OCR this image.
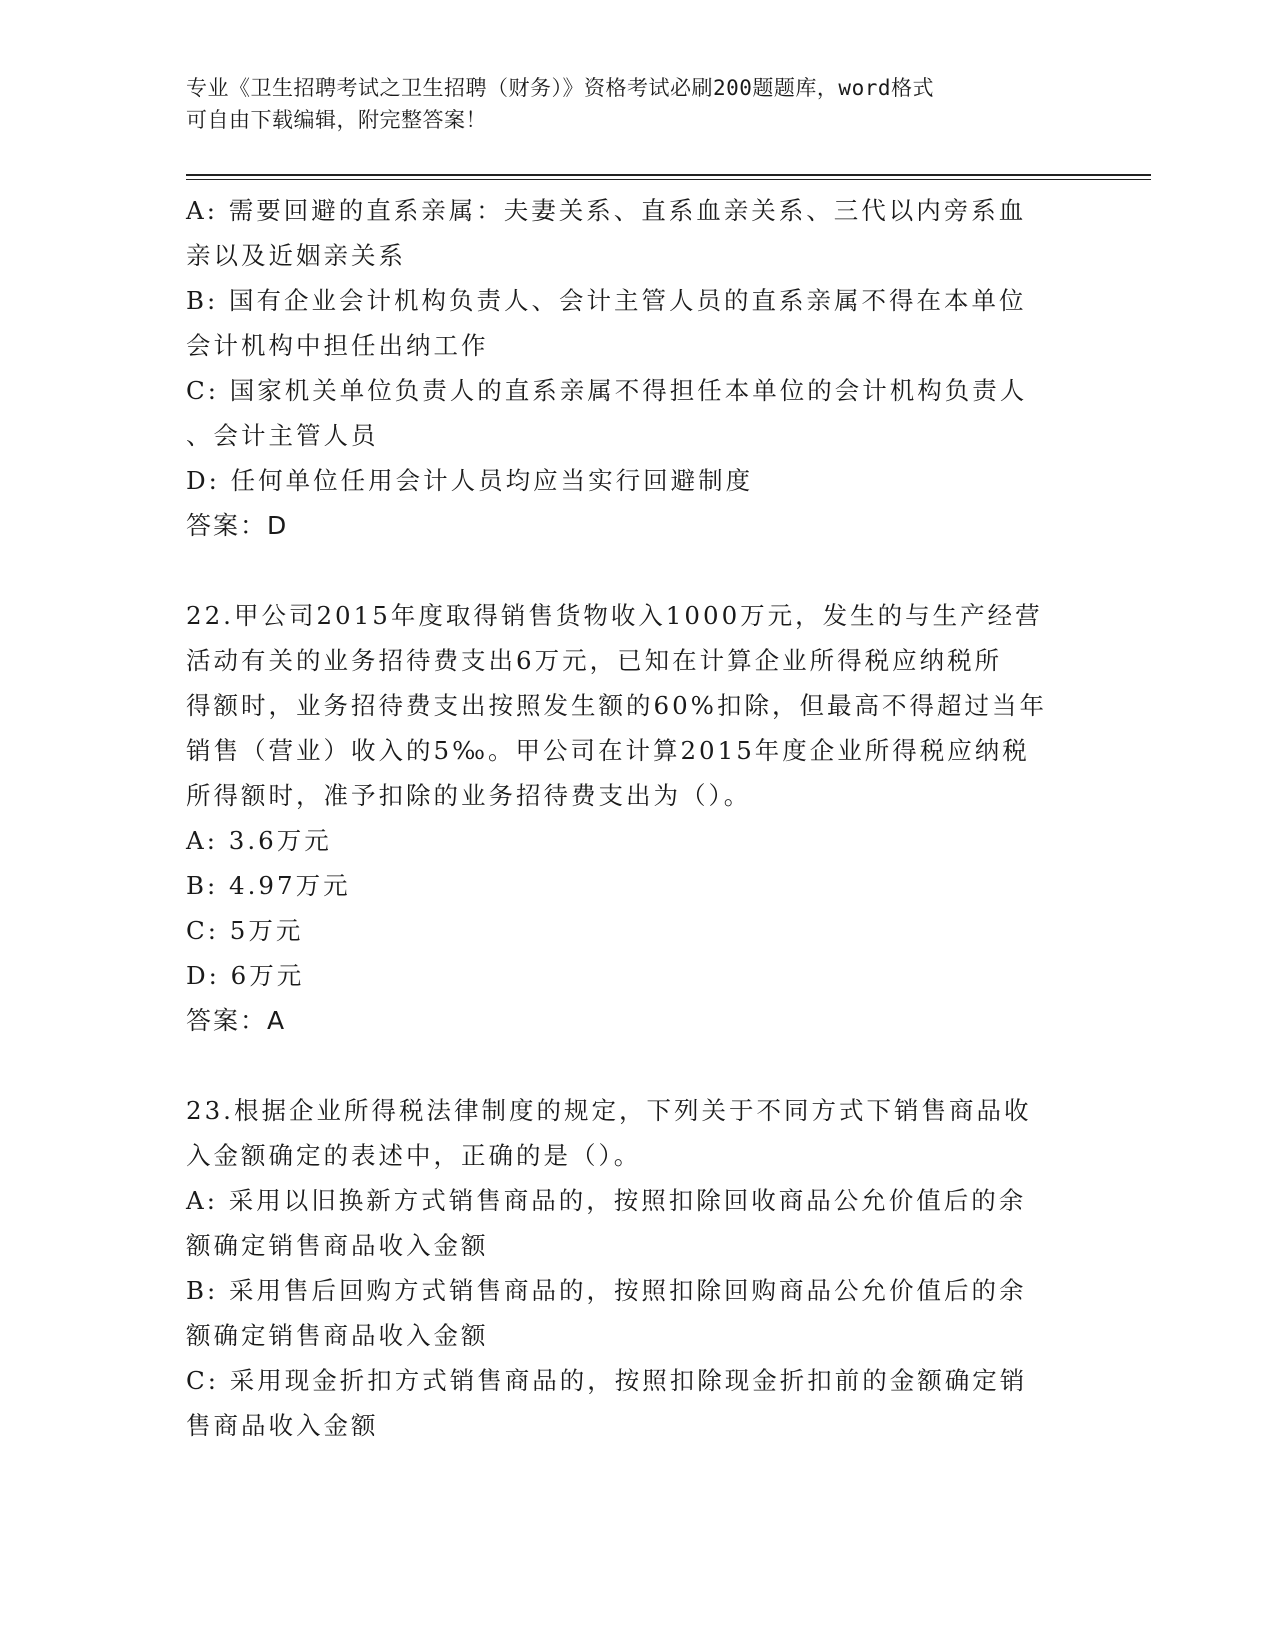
专业《卫生招聘考试之卫生招聘（财务）》资格考试必刷200题题库，word格式
可自由下载编辑，附完整答案！
A: 需要回避的直系亲属：夫妻关系、直系血亲关系、三代以内旁系血
亲以及近姻亲关系
B: 国有企业会计机构负责人、会计主管人员的直系亲属不得在本单位
会计机构中担任出纳工作
C: 国家机关单位负责人的直系亲属不得担任本单位的会计机构负责人
、会计主管人员
D: 任何单位任用会计人员均应当实行回避制度
答案：D
22.甲公司2015年度取得销售货物收入1000万元，发生的与生产经营
活动有关的业务招待费支出6万元，已知在计算企业所得税应纳税所
得额时，业务招待费支出按照发生额的60%扣除，但最高不得超过当年
销售（营业）收入的5‰。甲公司在计算2015年度企业所得税应纳税
所得额时，准予扣除的业务招待费支出为（）。
A: 3.6万元
B: 4.97万元
C: 5万元
D: 6万元
答案：A
23.根据企业所得税法律制度的规定，下列关于不同方式下销售商品收
入金额确定的表述中，正确的是（）。
A: 采用以旧换新方式销售商品的，按照扣除回收商品公允价值后的余
额确定销售商品收入金额
B: 采用售后回购方式销售商品的，按照扣除回购商品公允价值后的余
额确定销售商品收入金额
C: 采用现金折扣方式销售商品的，按照扣除现金折扣前的金额确定销
售商品收入金额
